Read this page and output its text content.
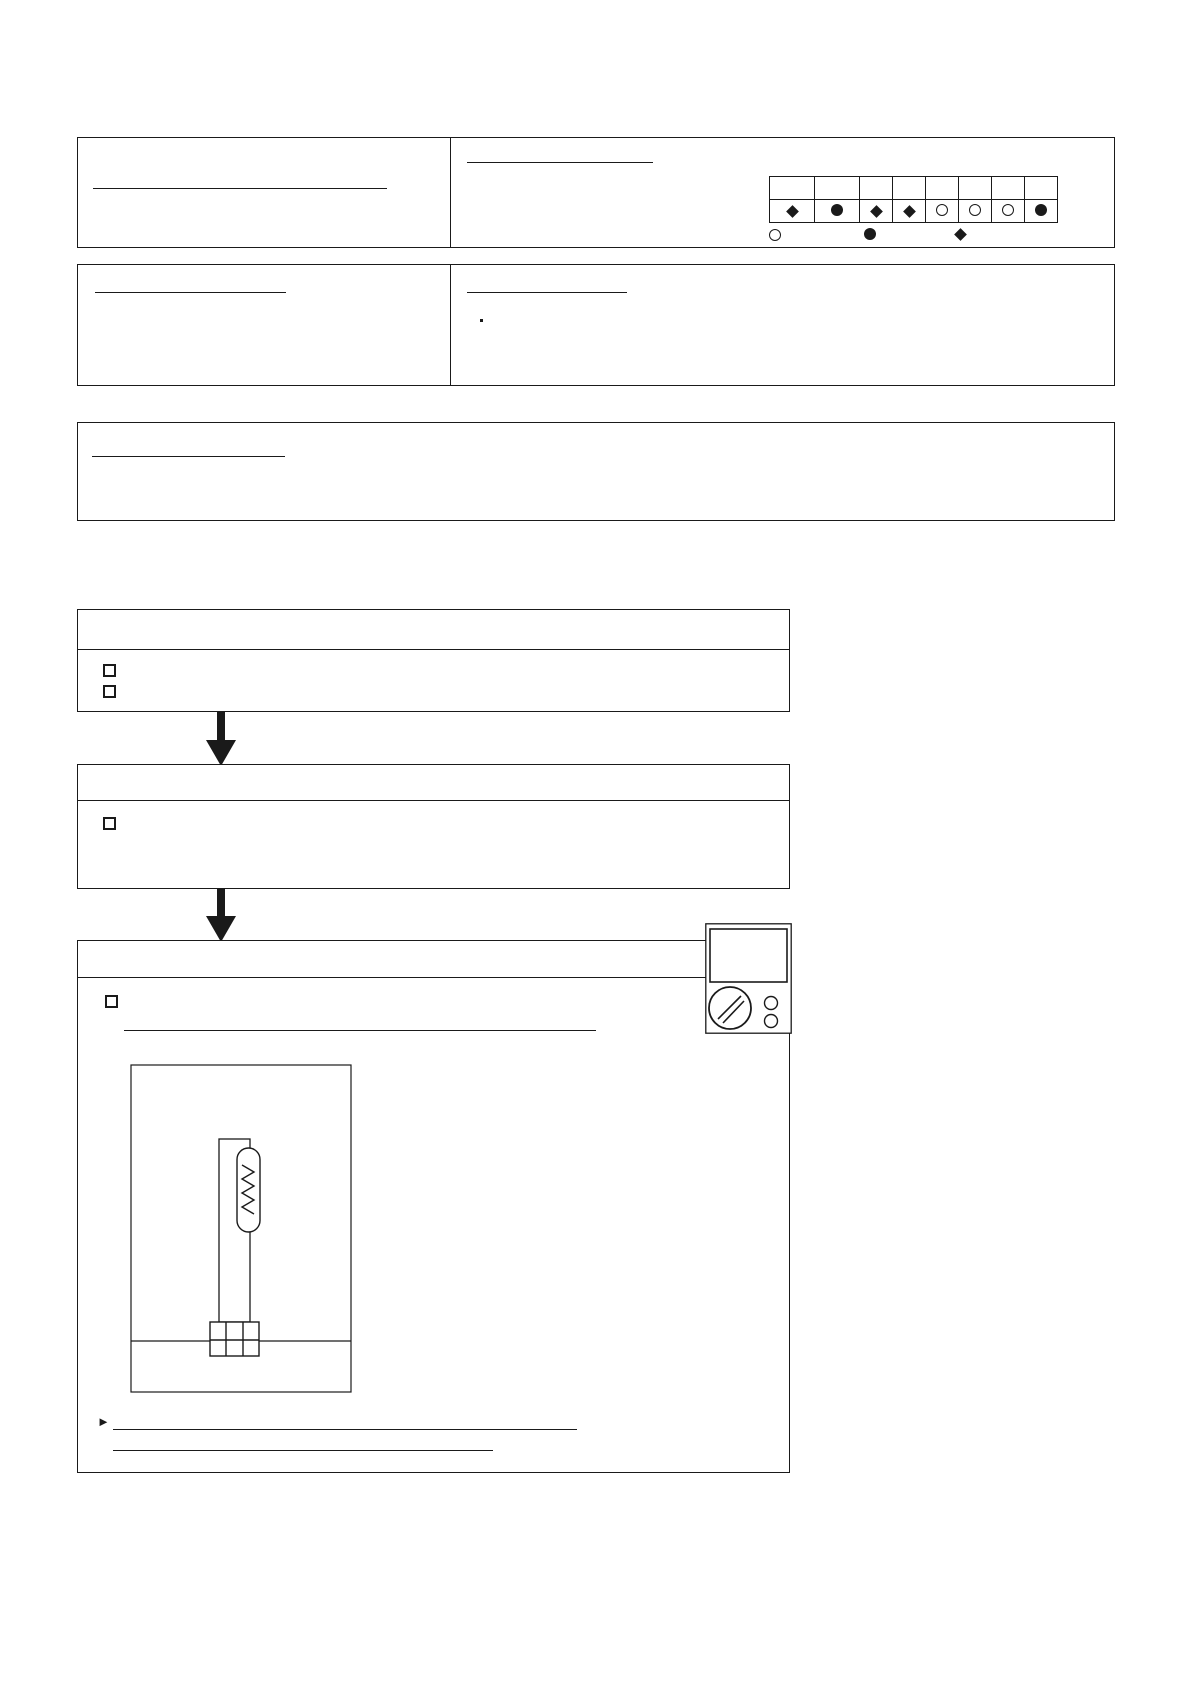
►
